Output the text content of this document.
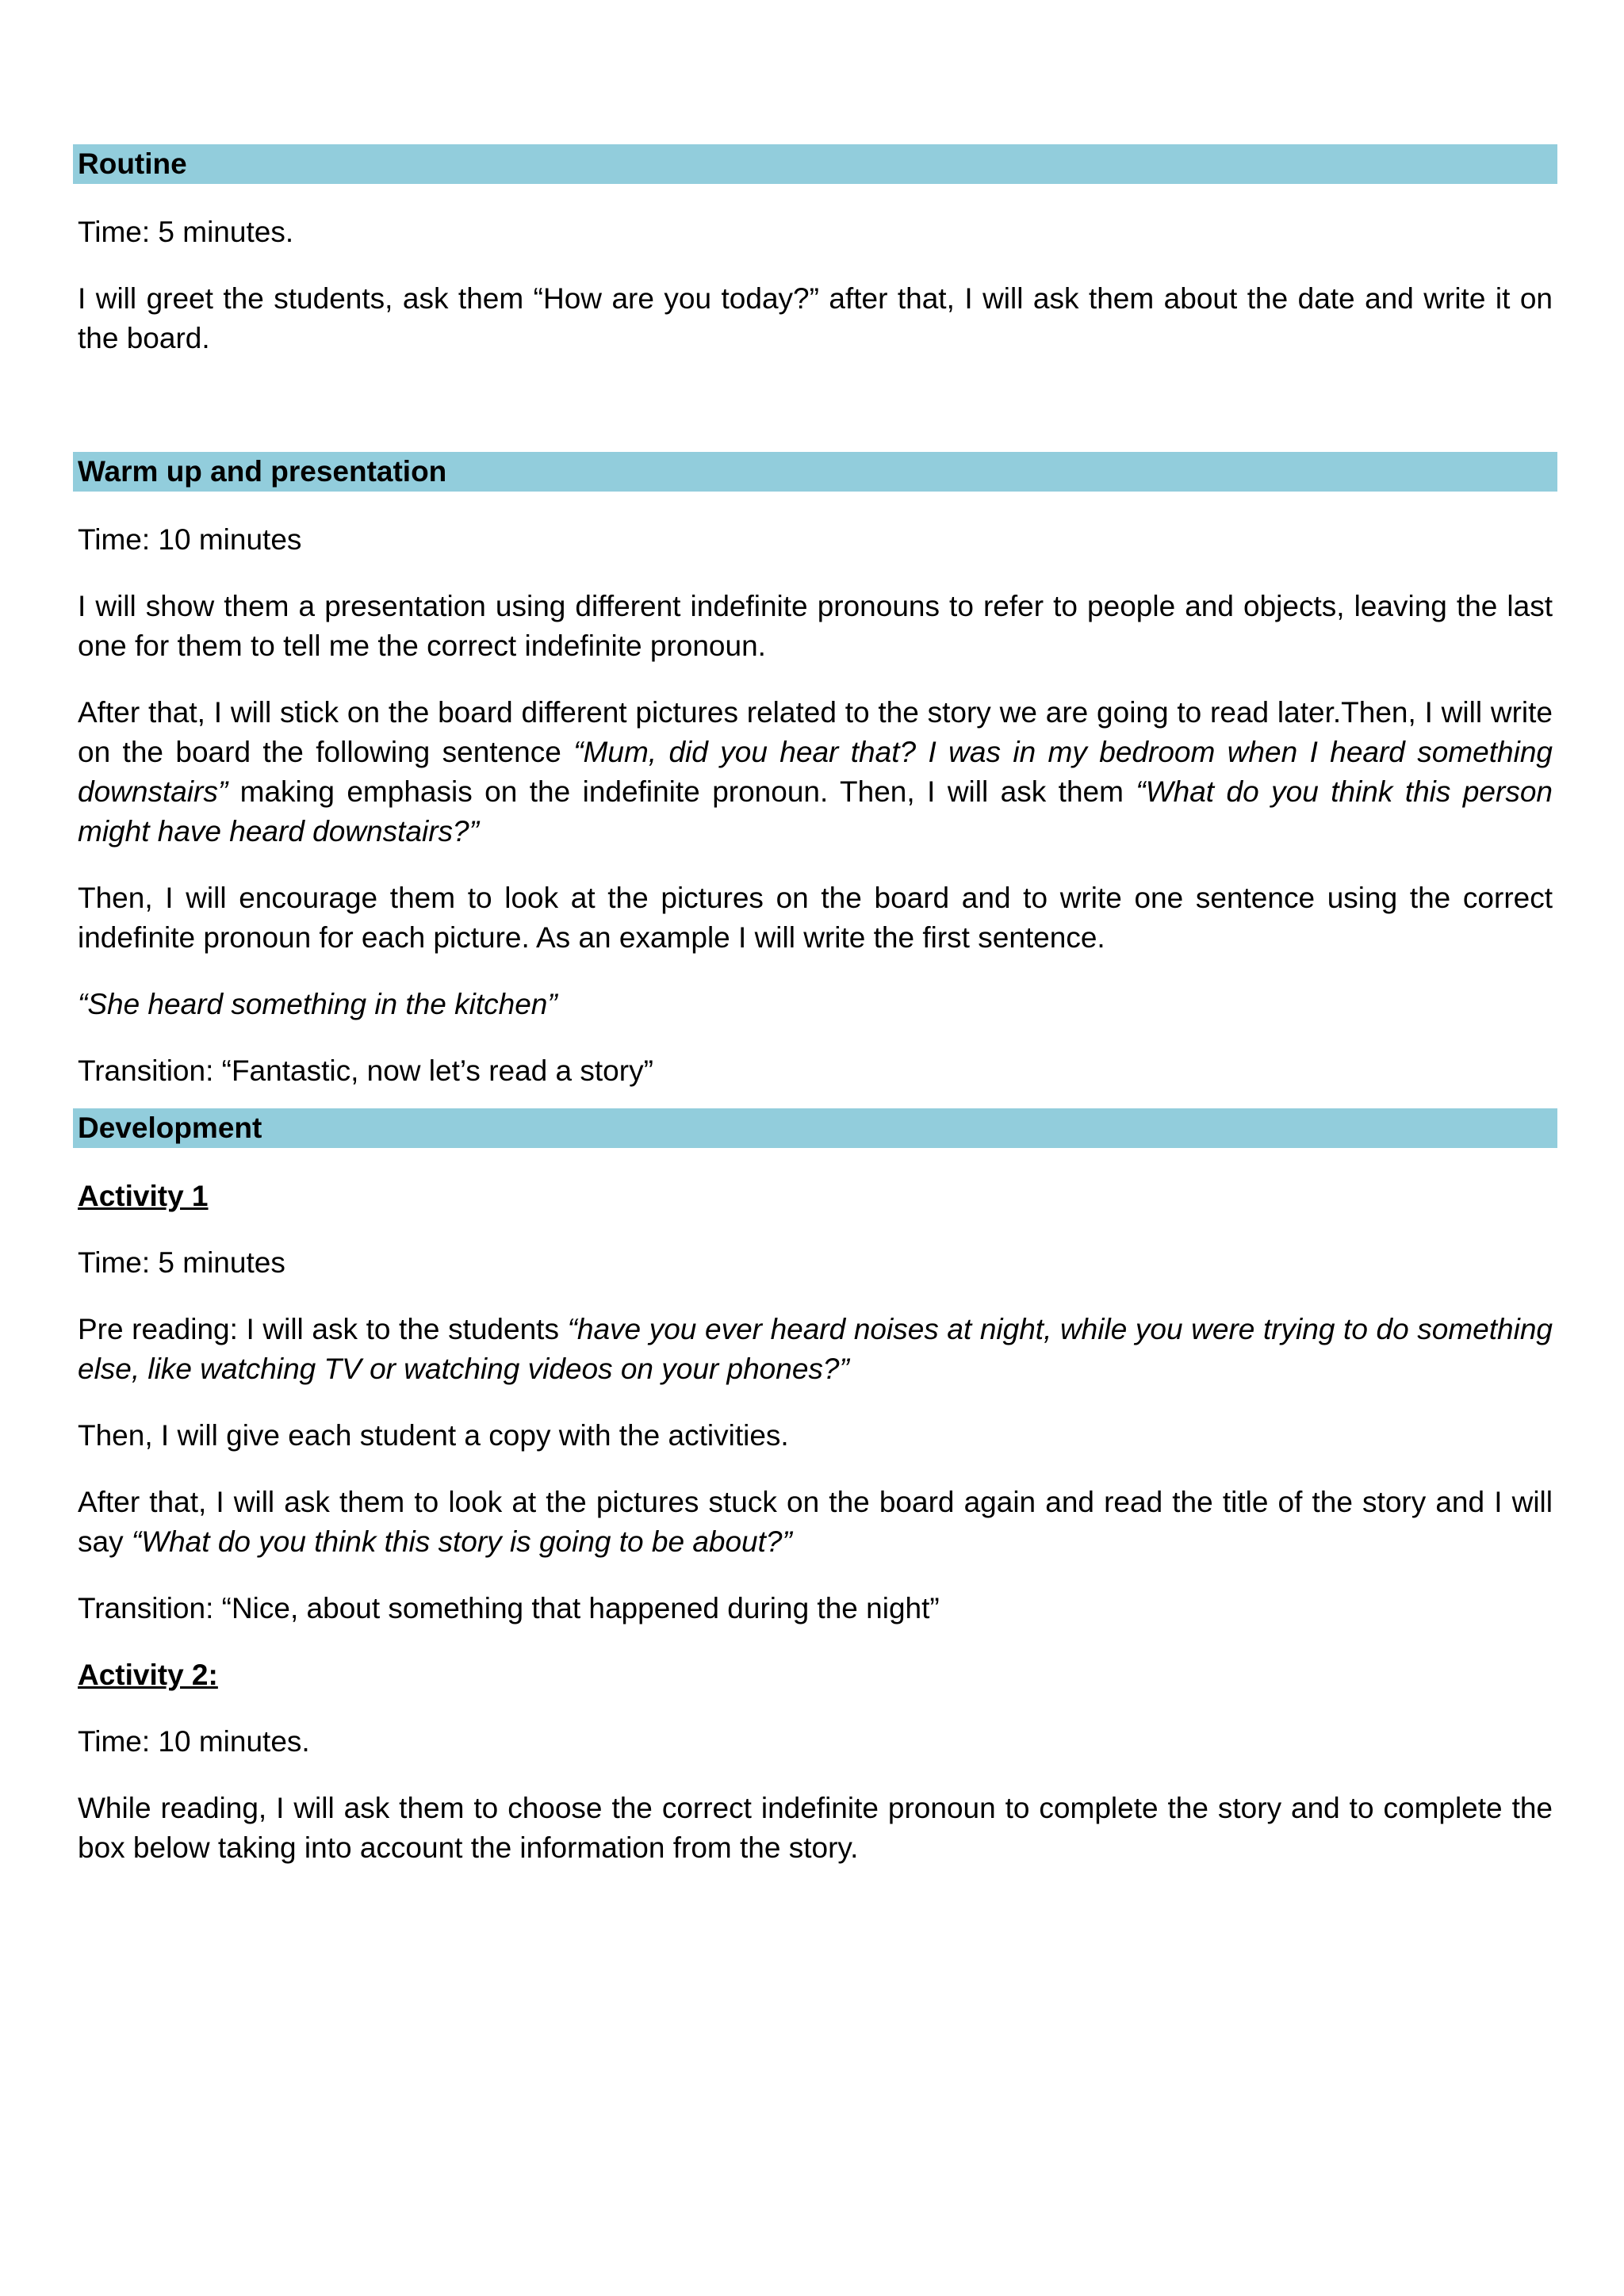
Routine

Time: 5 minutes.

I will greet the students, ask them “How are you today?” after that, I will ask them about the date and write it on the board.

Warm up and presentation

Time: 10 minutes

I will show them a presentation using different indefinite pronouns to refer to people and objects, leaving the last one for them to tell me the correct indefinite pronoun.

After that, I will stick on the board different pictures related to the story we are going to read later.Then, I will write on the board the following sentence “Mum, did you hear that? I was in my bedroom when I heard something downstairs” making emphasis on the indefinite pronoun. Then, I will ask them “What do you think this person might have heard downstairs?”

Then, I will encourage them to look at the pictures on the board and to write one sentence using the correct indefinite pronoun for each picture. As an example I will write the first sentence.

“She heard something in the kitchen”

Transition: “Fantastic, now let’s read a story”

Development

Activity 1

Time: 5 minutes

Pre reading: I will ask to the students “have you ever heard noises at night, while you were trying to do something else, like watching TV or watching videos on your phones?”

Then, I will give each student a copy with the activities.

After that, I will ask them to look at the pictures stuck on the board again and read the title of the story and I will say “What do you think this story is going to be about?”

Transition: “Nice, about something that happened during the night”

Activity 2:

Time: 10 minutes.

While reading, I will ask them to choose the correct indefinite pronoun to complete the story and to complete the box below taking into account the information from the story.
